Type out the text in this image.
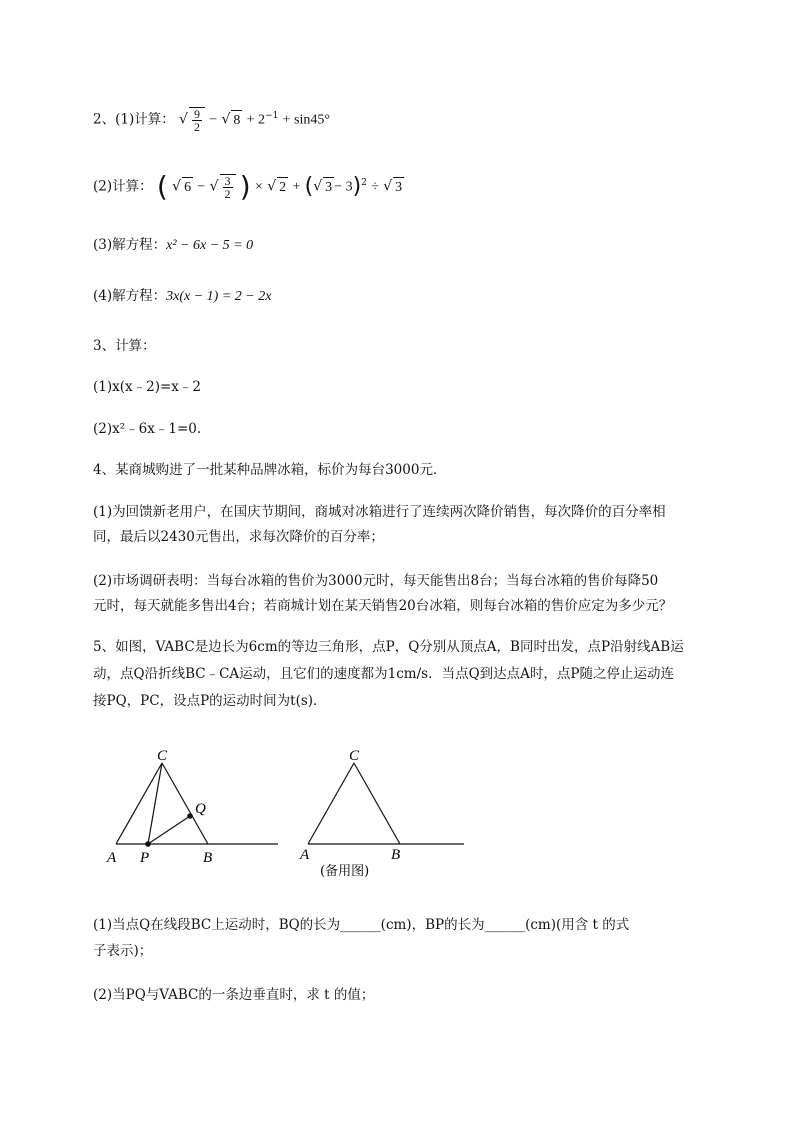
2、(1)计算： √ $\frac{9}{2}$ − √ $8 + 2^{-1} + \sin 45^\circ$
(2)计算： ( √ 6 − √ $\frac{3}{2}$ ) × √ 2 + (√ 3 − 3)$^2$ ÷ √ 3
(3)解方程：x² − 6x − 5 = 0
(4)解方程：3x(x − 1) = 2 − 2x
3、计算：
(1)x(x﹣2)=x﹣2
(2)x²﹣6x﹣1=0.
4、某商城购进了一批某种品牌冰箱，标价为每台3000元．
(1)为回馈新老用户，在国庆节期间，商城对冰箱进行了连续两次降价销售，每次降价的百分率相
同，最后以2430元售出，求每次降价的百分率；
(2)市场调研表明：当每台冰箱的售价为3000元时，每天能售出8台；当每台冰箱的售价每降50
元时，每天就能多售出4台；若商城计划在某天销售20台冰箱，则每台冰箱的售价应定为多少元？
5、如图，VABC是边长为6cm的等边三角形，点P，Q分别从顶点A，B同时出发，点P沿射线AB运
动，点Q沿折线BC﹣CA运动，且它们的速度都为1cm/s．当点Q到达点A时，点P随之停止运动连
接PQ，PC，设点P的运动时间为t(s)．
C
Q
A P	B
C
A	B
(备用图)
(1)当点Q在线段BC上运动时，BQ的长为______(cm)，BP的长为______(cm)(用含 t 的式
子表示)；
(2)当PQ与VABC的一条边垂直时，求 t 的值；
